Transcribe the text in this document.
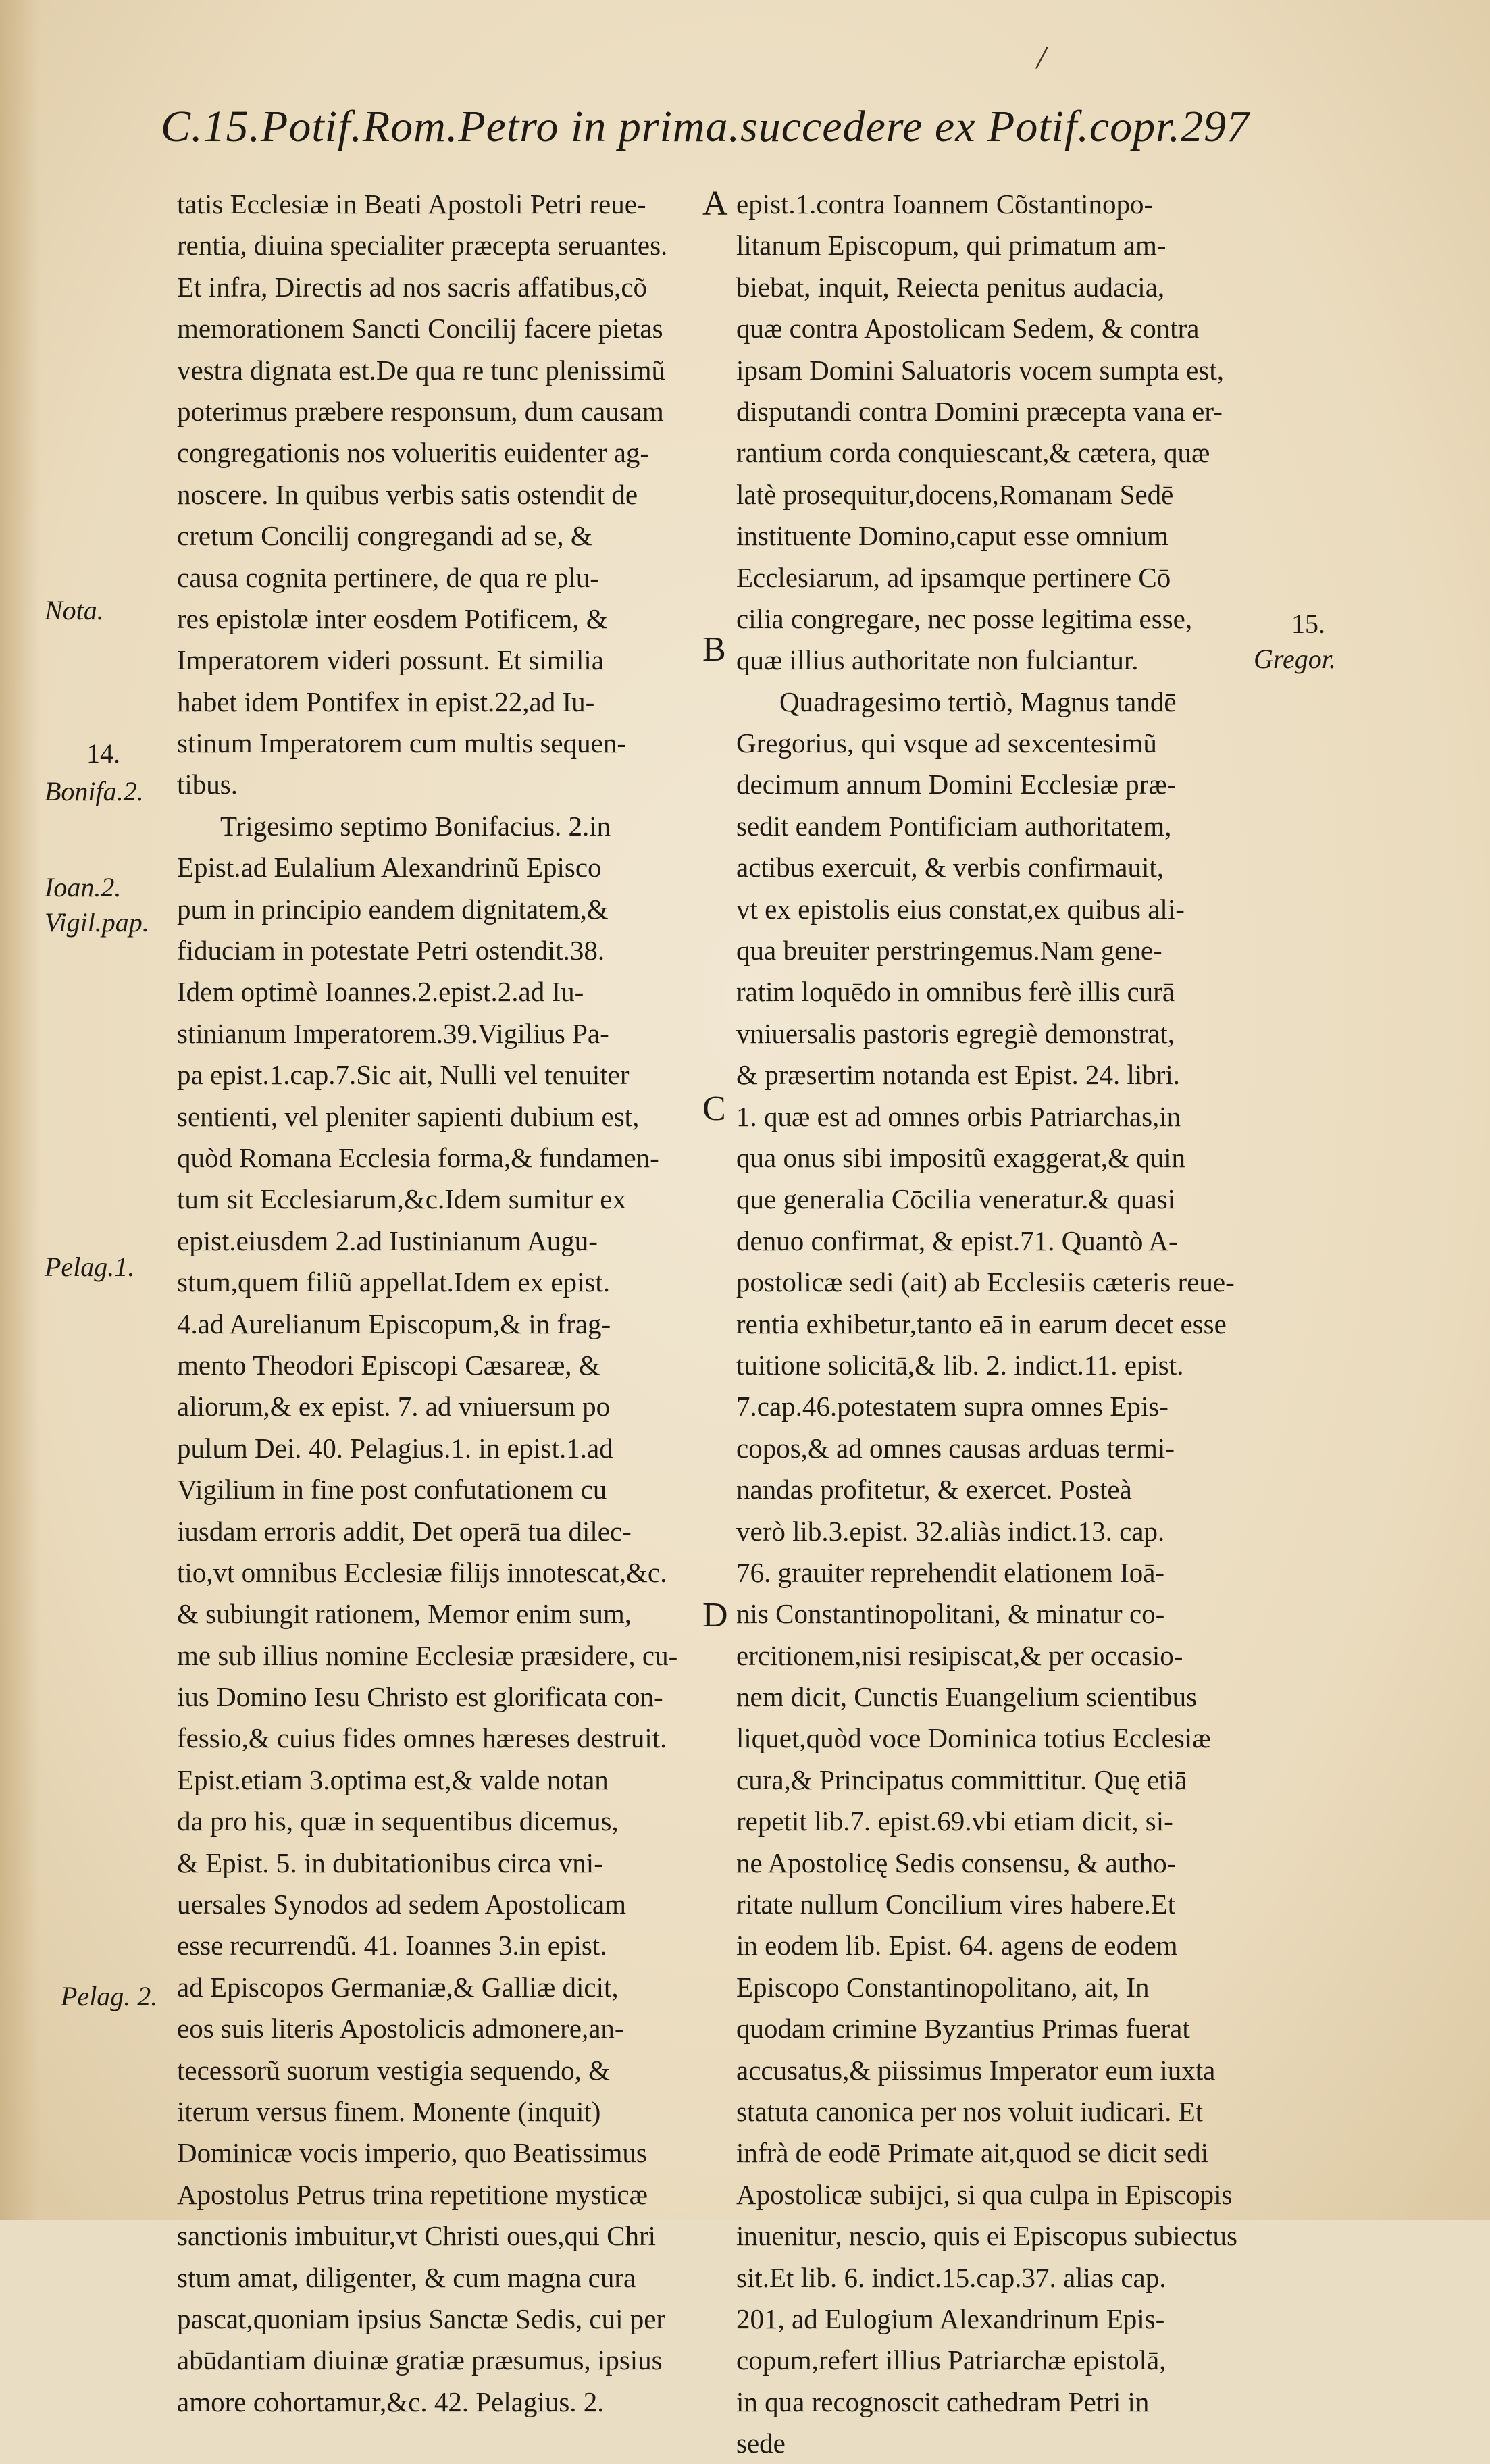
/
C.15.Potif.Rom.Petro in prima.succedere ex Potif.copr.297
tatis Ecclesiæ in Beati Apostoli Petri reue-
rentia, diuina specialiter præcepta seruantes.
Et infra, Directis ad nos sacris affatibus,cõ
memorationem Sancti Concilij facere pietas
vestra dignata est.De qua re tunc plenissimũ
poterimus præbere responsum, dum causam
congregationis nos volueritis euidenter ag-
noscere. In quibus verbis satis ostendit de
cretum Concilij congregandi ad se, &
causa cognita pertinere, de qua re plu-
res epistolæ inter eosdem Potificem, &
Imperatorem videri possunt. Et similia
habet idem Pontifex in epist.22,ad Iu-
stinum Imperatorem cum multis sequen-
tibus.
Trigesimo septimo Bonifacius. 2.in
Epist.ad Eulalium Alexandrinũ Episco
pum in principio eandem dignitatem,&
fiduciam in potestate Petri ostendit.38.
Idem optimè Ioannes.2.epist.2.ad Iu-
stinianum Imperatorem.39.Vigilius Pa-
pa epist.1.cap.7.Sic ait, Nulli vel tenuiter
sentienti, vel pleniter sapienti dubium est,
quòd Romana Ecclesia forma,& fundamen-
tum sit Ecclesiarum,&c.Idem sumitur ex
epist.eiusdem 2.ad Iustinianum Augu-
stum,quem filiũ appellat.Idem ex epist.
4.ad Aurelianum Episcopum,& in frag-
mento Theodori Episcopi Cæsareæ, &
aliorum,& ex epist. 7. ad vniuersum po
pulum Dei. 40. Pelagius.1. in epist.1.ad
Vigilium in fine post confutationem cu
iusdam erroris addit, Det operā tua dilec-
tio,vt omnibus Ecclesiæ filijs innotescat,&c.
& subiungit rationem, Memor enim sum,
me sub illius nomine Ecclesiæ præsidere, cu-
ius Domino Iesu Christo est glorificata con-
fessio,& cuius fides omnes hæreses destruit.
Epist.etiam 3.optima est,& valde notan
da pro his, quæ in sequentibus dicemus,
& Epist. 5. in dubitationibus circa vni-
uersales Synodos ad sedem Apostolicam
esse recurrendũ. 41. Ioannes 3.in epist.
ad Episcopos Germaniæ,& Galliæ dicit,
eos suis literis Apostolicis admonere,an-
tecessorũ suorum vestigia sequendo, &
iterum versus finem. Monente (inquit)
Dominicæ vocis imperio, quo Beatissimus
Apostolus Petrus trina repetitione mysticæ
sanctionis imbuitur,vt Christi oues,qui Chri
stum amat, diligenter, & cum magna cura
pascat,quoniam ipsius Sanctæ Sedis, cui per
abūdantiam diuinæ gratiæ præsumus, ipsius
amore cohortamur,&c. 42. Pelagius. 2.
epist.1.contra Ioannem Cõstantinopo-
litanum Episcopum, qui primatum am-
biebat, inquit, Reiecta penitus audacia,
quæ contra Apostolicam Sedem, & contra
ipsam Domini Saluatoris vocem sumpta est,
disputandi contra Domini præcepta vana er-
rantium corda conquiescant,& cætera, quæ
latè prosequitur,docens,Romanam Sedē
instituente Domino,caput esse omnium
Ecclesiarum, ad ipsamque pertinere Cō
cilia congregare, nec posse legitima esse,
quæ illius authoritate non fulciantur.
Quadragesimo tertiò, Magnus tandē
Gregorius, qui vsque ad sexcentesimũ
decimum annum Domini Ecclesiæ præ-
sedit eandem Pontificiam authoritatem,
actibus exercuit, & verbis confirmauit,
vt ex epistolis eius constat,ex quibus ali-
qua breuiter perstringemus.Nam gene-
ratim loquēdo in omnibus ferè illis curā
vniuersalis pastoris egregiè demonstrat,
& præsertim notanda est Epist. 24. libri.
1. quæ est ad omnes orbis Patriarchas,in
qua onus sibi impositũ exaggerat,& quin
que generalia Cōcilia veneratur.& quasi
denuo confirmat, & epist.71. Quantò A-
postolicæ sedi (ait) ab Ecclesiis cæteris reue-
rentia exhibetur,tanto eā in earum decet esse
tuitione solicitā,& lib. 2. indict.11. epist.
7.cap.46.potestatem supra omnes Epis-
copos,& ad omnes causas arduas termi-
nandas profitetur, & exercet. Posteà
verò lib.3.epist. 32.aliàs indict.13. cap.
76. grauiter reprehendit elationem Ioā-
nis Constantinopolitani, & minatur co-
ercitionem,nisi resipiscat,& per occasio-
nem dicit, Cunctis Euangelium scientibus
liquet,quòd voce Dominica totius Ecclesiæ
cura,& Principatus committitur. Quę etiā
repetit lib.7. epist.69.vbi etiam dicit, si-
ne Apostolicę Sedis consensu, & autho-
ritate nullum Concilium vires habere.Et
in eodem lib. Epist. 64. agens de eodem
Episcopo Constantinopolitano, ait, In
quodam crimine Byzantius Primas fuerat
accusatus,& piissimus Imperator eum iuxta
statuta canonica per nos voluit iudicari. Et
infrà de eodē Primate ait,quod se dicit sedi
Apostolicæ subijci, si qua culpa in Episcopis
inuenitur, nescio, quis ei Episcopus subiectus
sit.Et lib. 6. indict.15.cap.37. alias cap.
201, ad Eulogium Alexandrinum Epis-
copum,refert illius Patriarchæ epistolā,
in qua recognoscit cathedram Petri in
sede
A
B
C
D
Nota.
14.
Bonifa.2.
Ioan.2.
Vigil.pap.
Pelag.1.
Pelag. 2.
15.
Gregor.
